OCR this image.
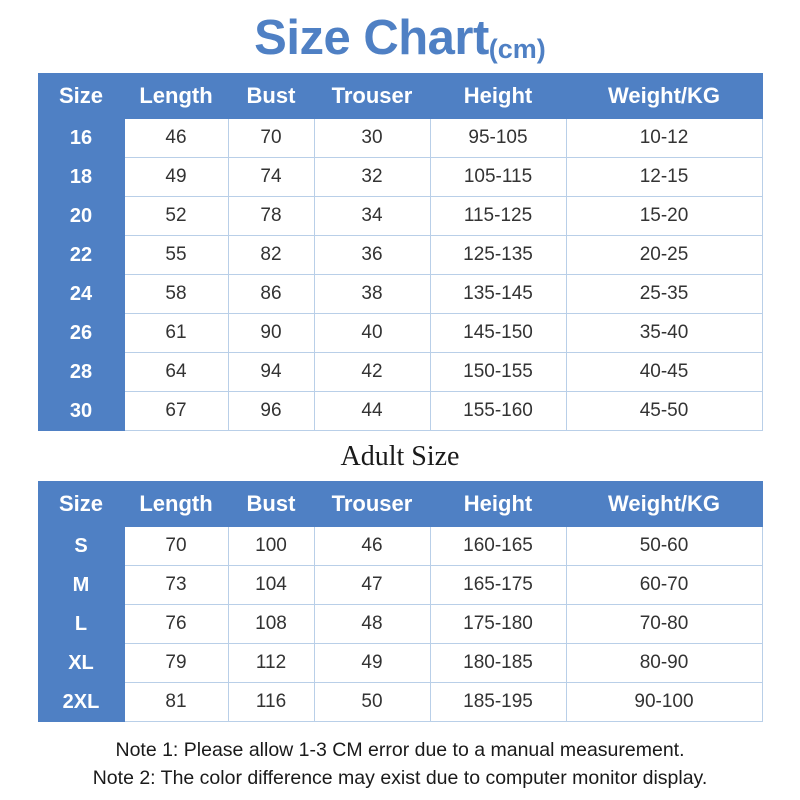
Size Chart(cm)
Size	Length	Bust	Trouser	Height	Weight/KG
16	46	70	30	95-105	10-12
18	49	74	32	105-115	12-15
20	52	78	34	115-125	15-20
22	55	82	36	125-135	20-25
24	58	86	38	135-145	25-35
26	61	90	40	145-150	35-40
28	64	94	42	150-155	40-45
30	67	96	44	155-160	45-50
Adult Size
Size	Length	Bust	Trouser	Height	Weight/KG
S	70	100	46	160-165	50-60
M	73	104	47	165-175	60-70
L	76	108	48	175-180	70-80
XL	79	112	49	180-185	80-90
2XL	81	116	50	185-195	90-100
Note 1: Please allow 1-3 CM error due to a manual measurement.
Note 2: The color difference may exist due to computer monitor display.
